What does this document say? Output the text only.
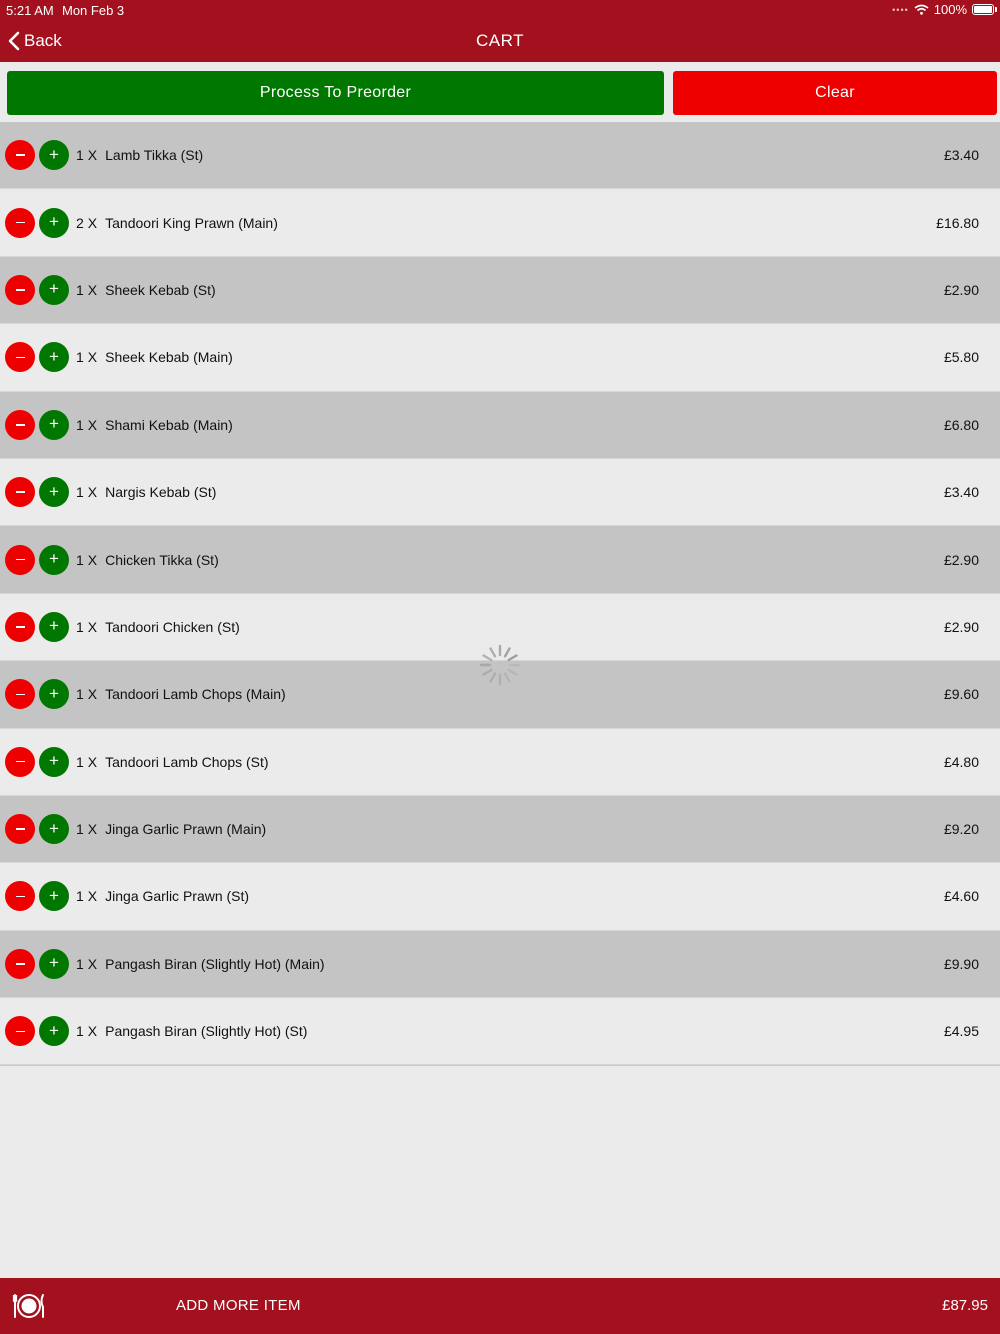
5:21 AM Mon Feb 3	•••• 100%
Back	CART
Process To Preorder	Clear
+ 1 X Lamb Tikka (St)	£3.40
+ 2 X Tandoori King Prawn (Main)	£16.80
+ 1 X Sheek Kebab (St)	£2.90
+ 1 X Sheek Kebab (Main)	£5.80
+ 1 X Shami Kebab (Main)	£6.80
+ 1 X Nargis Kebab (St)	£3.40
+ 1 X Chicken Tikka (St)	£2.90
+ 1 X Tandoori Chicken (St)	£2.90
+ 1 X Tandoori Lamb Chops (Main)	£9.60
+ 1 X Tandoori Lamb Chops (St)	£4.80
+ 1 X Jinga Garlic Prawn (Main)	£9.20
+ 1 X Jinga Garlic Prawn (St)	£4.60
+ 1 X Pangash Biran (Slightly Hot) (Main)	£9.90
+ 1 X Pangash Biran (Slightly Hot) (St)	£4.95
ADD MORE ITEM	£87.95
